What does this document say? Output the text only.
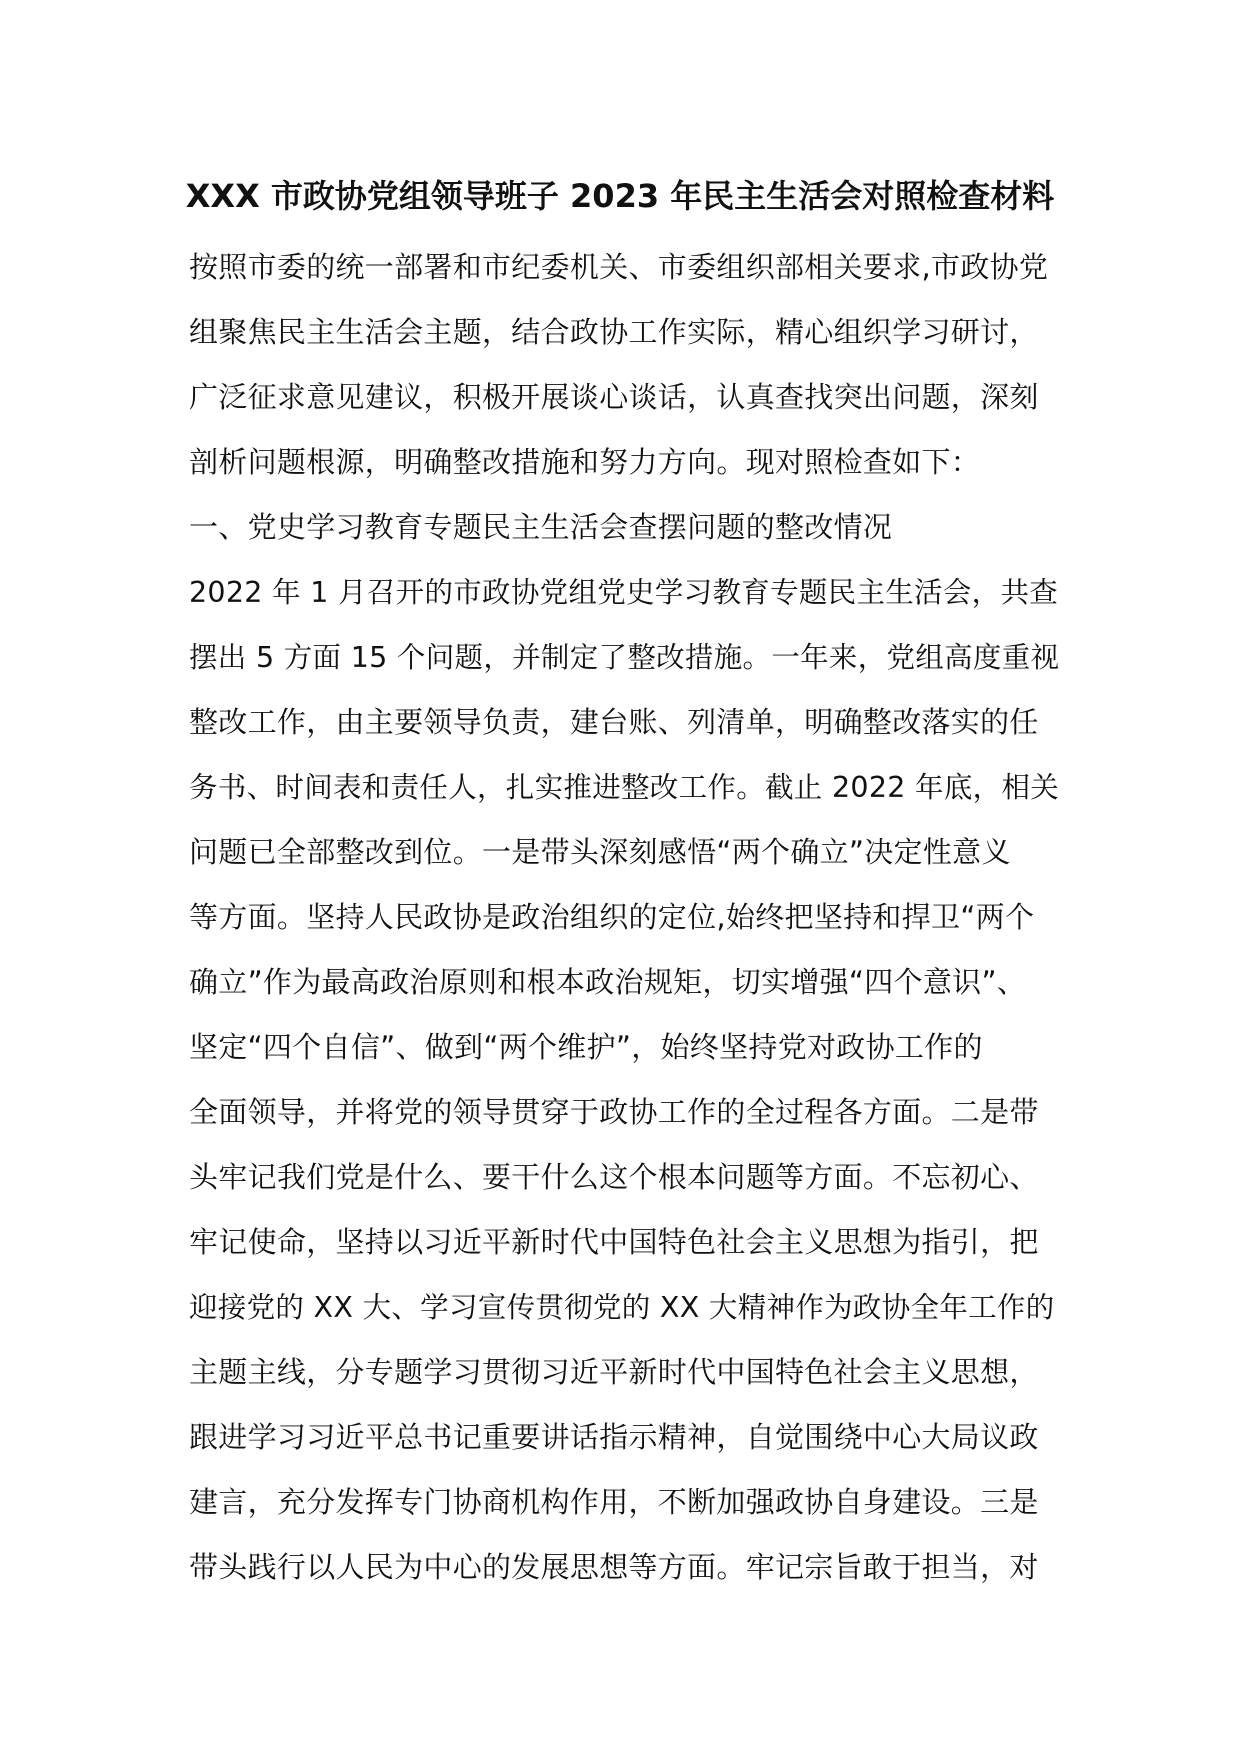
XXX 市政协党组领导班子 2023 年民主生活会对照检查材料
按照市委的统一部署和市纪委机关、市委组织部相关要求,市政协党
组聚焦民主生活会主题，结合政协工作实际，精心组织学习研讨，
广泛征求意见建议，积极开展谈心谈话，认真查找突出问题，深刻
剖析问题根源，明确整改措施和努力方向。现对照检查如下：
一、党史学习教育专题民主生活会查摆问题的整改情况
2022 年 1 月召开的市政协党组党史学习教育专题民主生活会，共查
摆出 5 方面 15 个问题，并制定了整改措施。一年来，党组高度重视
整改工作，由主要领导负责，建台账、列清单，明确整改落实的任
务书、时间表和责任人，扎实推进整改工作。截止 2022 年底，相关
问题已全部整改到位。一是带头深刻感悟“两个确立”决定性意义
等方面。坚持人民政协是政治组织的定位,始终把坚持和捍卫“两个
确立”作为最高政治原则和根本政治规矩，切实增强“四个意识”、
坚定“四个自信”、做到“两个维护”，始终坚持党对政协工作的
全面领导，并将党的领导贯穿于政协工作的全过程各方面。二是带
头牢记我们党是什么、要干什么这个根本问题等方面。不忘初心、
牢记使命，坚持以习近平新时代中国特色社会主义思想为指引，把
迎接党的 XX 大、学习宣传贯彻党的 XX 大精神作为政协全年工作的
主题主线，分专题学习贯彻习近平新时代中国特色社会主义思想，
跟进学习习近平总书记重要讲话指示精神，自觉围绕中心大局议政
建言，充分发挥专门协商机构作用，不断加强政协自身建设。三是
带头践行以人民为中心的发展思想等方面。牢记宗旨敢于担当，对
